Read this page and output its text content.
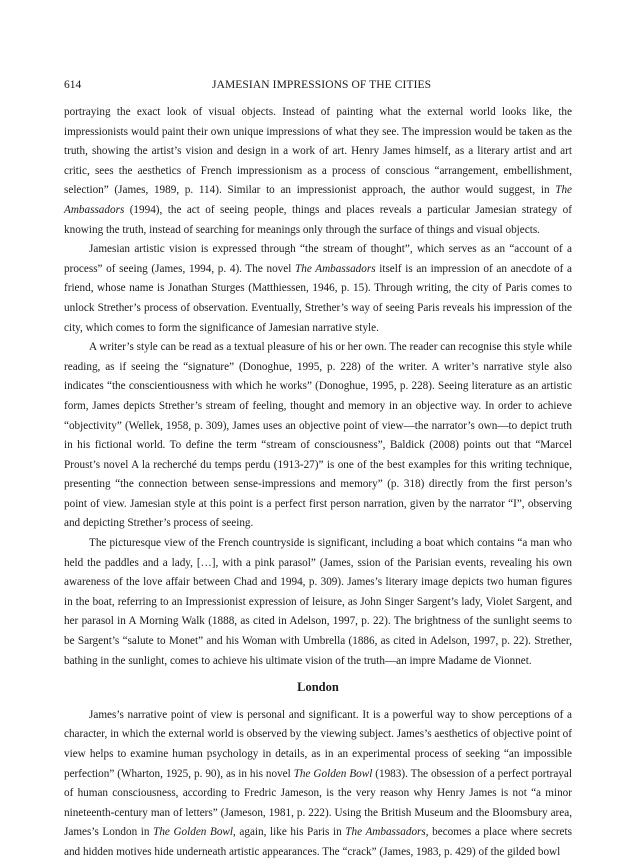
614	JAMESIAN IMPRESSIONS OF THE CITIES

portraying the exact look of visual objects. Instead of painting what the external world looks like, the impressionists would paint their own unique impressions of what they see. The impression would be taken as the truth, showing the artist’s vision and design in a work of art. Henry James himself, as a literary artist and art critic, sees the aesthetics of French impressionism as a process of conscious “arrangement, embellishment, selection” (James, 1989, p. 114). Similar to an impressionist approach, the author would suggest, in The Ambassadors (1994), the act of seeing people, things and places reveals a particular Jamesian strategy of knowing the truth, instead of searching for meanings only through the surface of things and visual objects.

Jamesian artistic vision is expressed through “the stream of thought”, which serves as an “account of a process” of seeing (James, 1994, p. 4). The novel The Ambassadors itself is an impression of an anecdote of a friend, whose name is Jonathan Sturges (Matthiessen, 1946, p. 15). Through writing, the city of Paris comes to unlock Strether’s process of observation. Eventually, Strether’s way of seeing Paris reveals his impression of the city, which comes to form the significance of Jamesian narrative style.

A writer’s style can be read as a textual pleasure of his or her own. The reader can recognise this style while reading, as if seeing the “signature” (Donoghue, 1995, p. 228) of the writer. A writer’s narrative style also indicates “the conscientiousness with which he works” (Donoghue, 1995, p. 228). Seeing literature as an artistic form, James depicts Strether’s stream of feeling, thought and memory in an objective way. In order to achieve “objectivity” (Wellek, 1958, p. 309), James uses an objective point of view—the narrator’s own—to depict truth in his fictional world. To define the term “stream of consciousness”, Baldick (2008) points out that “Marcel Proust’s novel A la recherché du temps perdu (1913-27)” is one of the best examples for this writing technique, presenting “the connection between sense-impressions and memory” (p. 318) directly from the first person’s point of view. Jamesian style at this point is a perfect first person narration, given by the narrator “I”, observing and depicting Strether’s process of seeing.

The picturesque view of the French countryside is significant, including a boat which contains “a man who held the paddles and a lady, […], with a pink parasol” (James, ssion of the Parisian events, revealing his own awareness of the love affair between Chad and 1994, p. 309). James’s literary image depicts two human figures in the boat, referring to an Impressionist expression of leisure, as John Singer Sargent’s lady, Violet Sargent, and her parasol in A Morning Walk (1888, as cited in Adelson, 1997, p. 22). The brightness of the sunlight seems to be Sargent’s “salute to Monet” and his Woman with Umbrella (1886, as cited in Adelson, 1997, p. 22). Strether, bathing in the sunlight, comes to achieve his ultimate vision of the truth—an impre Madame de Vionnet.

London

James’s narrative point of view is personal and significant. It is a powerful way to show perceptions of a character, in which the external world is observed by the viewing subject. James’s aesthetics of objective point of view helps to examine human psychology in details, as in an experimental process of seeking “an impossible perfection” (Wharton, 1925, p. 90), as in his novel The Golden Bowl (1983). The obsession of a perfect portrayal of human consciousness, according to Fredric Jameson, is the very reason why Henry James is not “a minor nineteenth-century man of letters” (Jameson, 1981, p. 222). Using the British Museum and the Bloomsbury area, James’s London in The Golden Bowl, again, like his Paris in The Ambassadors, becomes a place where secrets and hidden motives hide underneath artistic appearances. The “crack” (James, 1983, p. 429) of the gilded bowl
